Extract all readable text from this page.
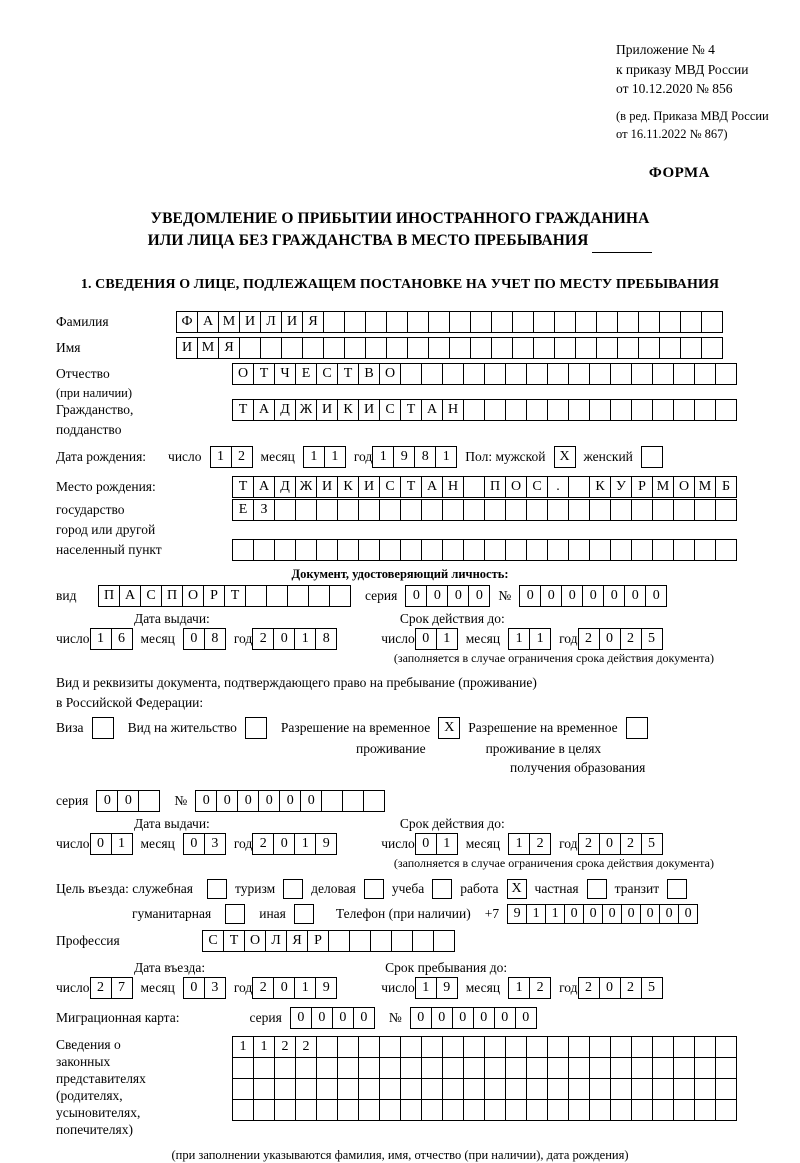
Приложение № 4
к приказу МВД России
от 10.12.2020 № 856
(в ред. Приказа МВД России
от 16.11.2022 № 867)
ФОРМА
УВЕДОМЛЕНИЕ О ПРИБЫТИИ ИНОСТРАННОГО ГРАЖДАНИНА
ИЛИ ЛИЦА БЕЗ ГРАЖДАНСТВА В МЕСТО ПРЕБЫВАНИЯ
1. СВЕДЕНИЯ О ЛИЦЕ, ПОДЛЕЖАЩЕМ ПОСТАНОВКЕ НА УЧЕТ ПО МЕСТУ ПРЕБЫВАНИЯ
Фамилия	Ф А М И Л И Я
Имя	И М Я
Отчество	О Т Ч Е С Т В О
(при наличии)
Гражданство,	Т А Д Ж И К И С Т А Н
подданство
Дата рождения: число	1	2	месяц	1	1	год 1	9	8	1	Пол: мужской X	женский
Место рождения:	Т А Д Ж И К И С Т А Н	П О С	.	К У Р М О М Б
государство	Е З
город или другой
населенный пункт
Документ, удостоверяющий личность:
вид	П А С П О Р Т	серия	0	0	0	0	№	0	0	0	0	0	0	0
Дата выдачи:	Срок действия до:
число 1	6	месяц	0	8	год 2	0	1	8	число 0	1	месяц	1	1	год 2	0	2	5
(заполняется в случае ограничения срока действия документа)
Вид и реквизиты документа, подтверждающего право на пребывание (проживание)
в Российской Федерации:
Виза	Вид на жительство	Разрешение на временное X	Разрешение на временное
проживание	проживание в целях
получения образования
серия	0	0	№	0	0	0	0	0	0
Дата выдачи:	Срок действия до:
число 0	1	месяц	0	3	год 2	0	1	9	число 0	1	месяц	1	2	год 2	0	2	5
(заполняется в случае ограничения срока действия документа)
Цель въезда: служебная	туризм	деловая	учеба	работа X частная	транзит
гуманитарная	иная	Телефон (при наличии) +7	9 1 1 0 0 0 0 0 0 0
Профессия	С Т О Л Я Р
Дата въезда:	Срок пребывания до:
число 2	7	месяц	0	3	год 2	0	1	9	число 1	9	месяц	1	2	год 2	0	2	5
Миграционная карта:	серия	0	0	0	0	№	0	0	0	0	0	0
Сведения о
законных
представителях
(родителях,
усыновителях,
попечителях)
1	1	2	2
(при заполнении указываются фамилия, имя, отчество (при наличии), дата рождения)
